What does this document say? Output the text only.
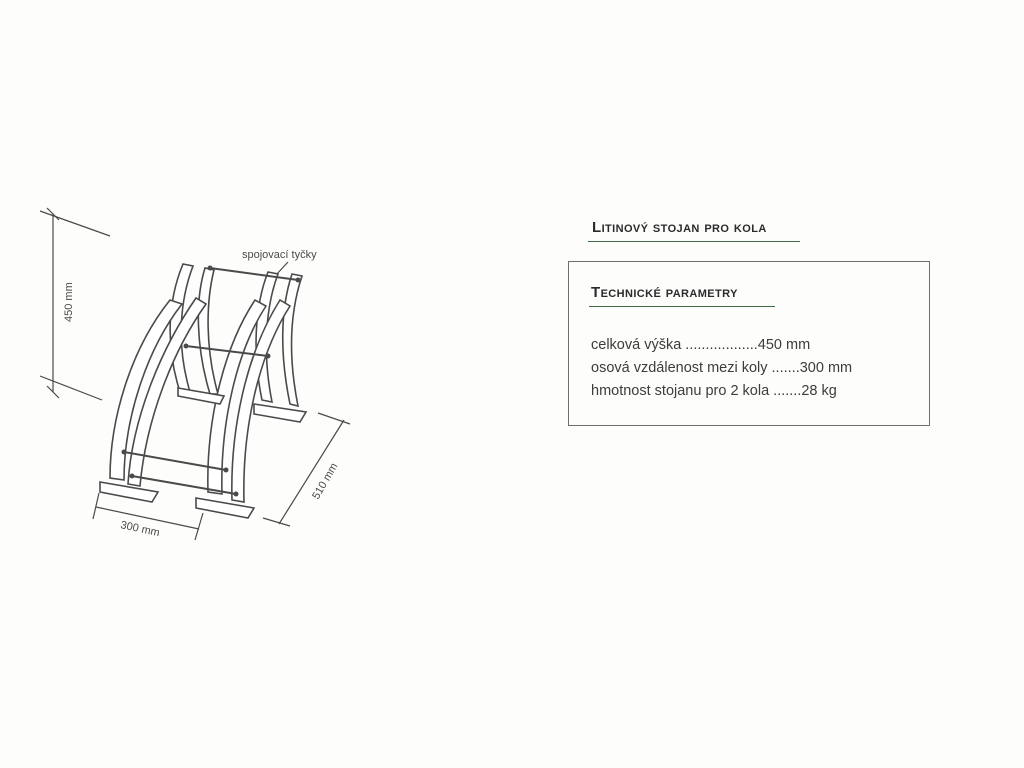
spojovací tyčky
450 mm
300 mm
510 mm
Litinový stojan pro kola
Technické parametry
celková výška ..................450 mm
osová vzdálenost mezi koly .......300 mm
hmotnost stojanu pro 2 kola .......28 kg
